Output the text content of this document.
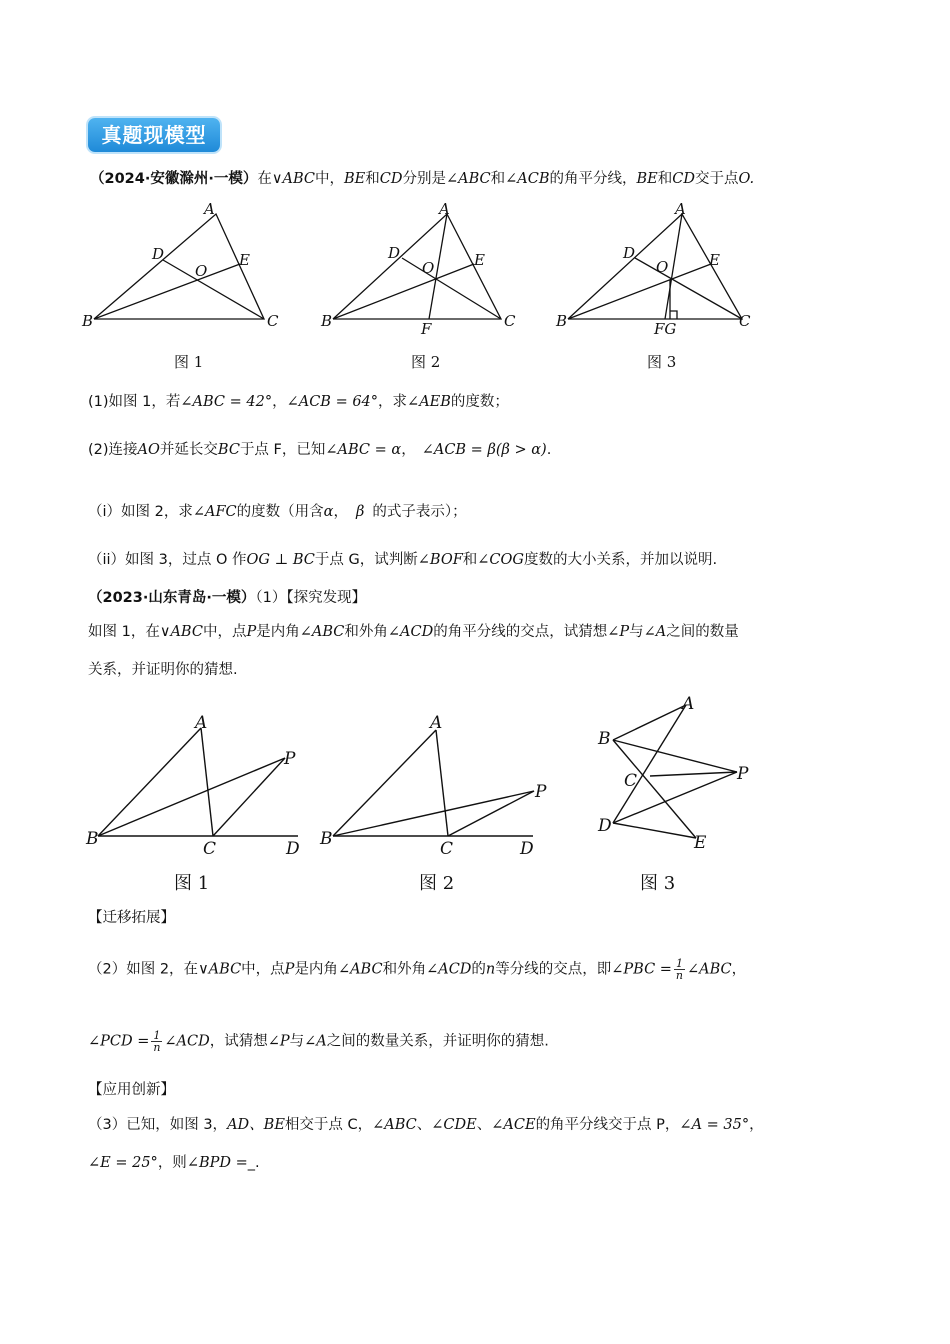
真题现模型
（2024·安徽滁州·一模）在∨ABC中，BE和CD分别是∠ABC和∠ACB的角平分线，BE和CD交于点O.
A
B	C
D	E
O
A
B	C
D	E
O
F
A
B	C
D	E
O
FG
图 1	图 2	图 3
(1)如图 1，若∠ABC = 42°，∠ACB = 64°，求∠AEB的度数；
(2)连接AO并延长交BC于点 F，已知∠ABC = α， ∠ACB = β(β > α).
（i）如图 2，求∠AFC的度数（用含α， β 的式子表示）；
（ii）如图 3，过点 O 作OG ⊥ BC于点 G，试判断∠BOF和∠COG度数的大小关系，并加以说明.
（2023·山东青岛·一模）（1）【探究发现】
如图 1，在∨ABC中，点P是内角∠ABC和外角∠ACD的角平分线的交点，试猜想∠P与∠A之间的数量
关系，并证明你的猜想.
A
B	C	D
P
A
B	C	D
P
A
B
C
D
E
P
图 1	图 2	图 3
【迁移拓展】
（2）如图 2，在∨ABC中，点P是内角∠ABC和外角∠ACD的n等分线的交点，即∠PBC = $\frac{1}{n}$ ∠ABC，
∠PCD = $\frac{1}{n}$ ∠ACD，试猜想∠P与∠A之间的数量关系，并证明你的猜想.
【应用创新】
（3）已知，如图 3，AD、BE相交于点 C，∠ABC、∠CDE、∠ACE的角平分线交于点 P，∠A = 35°，
∠E = 25°，则∠BPD =_.
